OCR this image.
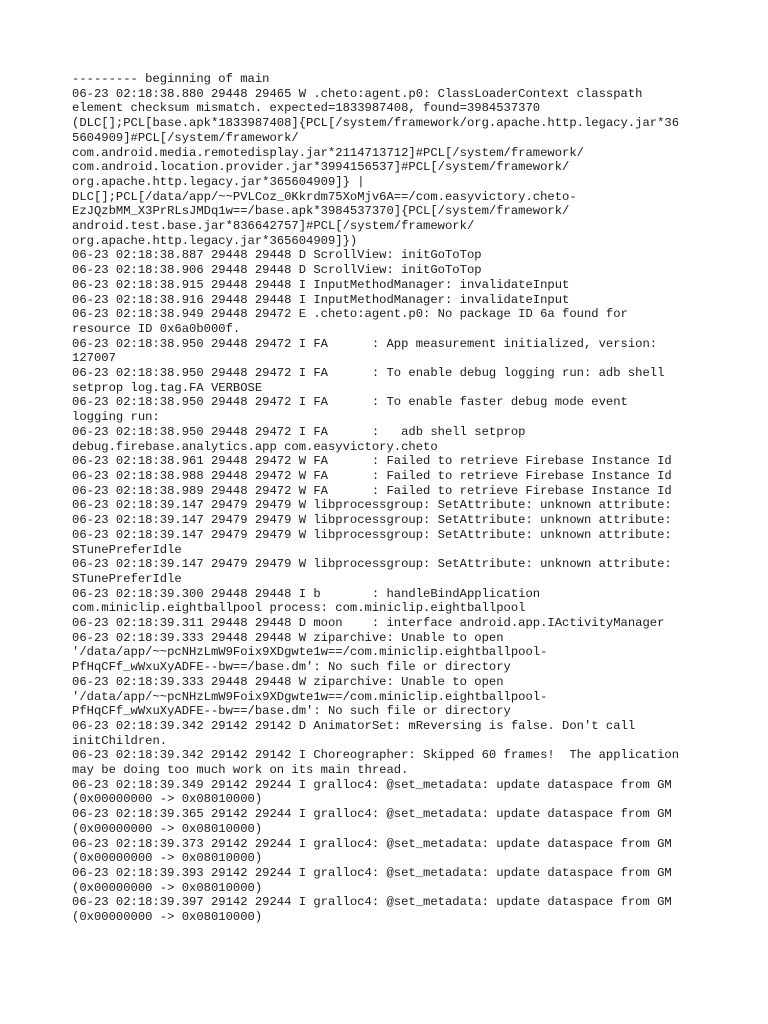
--------- beginning of main
06-23 02:18:38.880 29448 29465 W .cheto:agent.p0: ClassLoaderContext classpath
element checksum mismatch. expected=1833987408, found=3984537370
(DLC[];PCL[base.apk*1833987408]{PCL[/system/framework/org.apache.http.legacy.jar*36
5604909]#PCL[/system/framework/
com.android.media.remotedisplay.jar*2114713712]#PCL[/system/framework/
com.android.location.provider.jar*3994156537]#PCL[/system/framework/
org.apache.http.legacy.jar*365604909]} |
DLC[];PCL[/data/app/~~PVLCoz_0Kkrdm75XoMjv6A==/com.easyvictory.cheto-
EzJQzbMM_X3PrRLsJMDq1w==/base.apk*3984537370]{PCL[/system/framework/
android.test.base.jar*836642757]#PCL[/system/framework/
org.apache.http.legacy.jar*365604909]})
06-23 02:18:38.887 29448 29448 D ScrollView: initGoToTop
06-23 02:18:38.906 29448 29448 D ScrollView: initGoToTop
06-23 02:18:38.915 29448 29448 I InputMethodManager: invalidateInput
06-23 02:18:38.916 29448 29448 I InputMethodManager: invalidateInput
06-23 02:18:38.949 29448 29472 E .cheto:agent.p0: No package ID 6a found for
resource ID 0x6a0b000f.
06-23 02:18:38.950 29448 29472 I FA      : App measurement initialized, version:
127007
06-23 02:18:38.950 29448 29472 I FA      : To enable debug logging run: adb shell
setprop log.tag.FA VERBOSE
06-23 02:18:38.950 29448 29472 I FA      : To enable faster debug mode event
logging run:
06-23 02:18:38.950 29448 29472 I FA      :   adb shell setprop
debug.firebase.analytics.app com.easyvictory.cheto
06-23 02:18:38.961 29448 29472 W FA      : Failed to retrieve Firebase Instance Id
06-23 02:18:38.988 29448 29472 W FA      : Failed to retrieve Firebase Instance Id
06-23 02:18:38.989 29448 29472 W FA      : Failed to retrieve Firebase Instance Id
06-23 02:18:39.147 29479 29479 W libprocessgroup: SetAttribute: unknown attribute:
06-23 02:18:39.147 29479 29479 W libprocessgroup: SetAttribute: unknown attribute:
06-23 02:18:39.147 29479 29479 W libprocessgroup: SetAttribute: unknown attribute:
STunePreferIdle
06-23 02:18:39.147 29479 29479 W libprocessgroup: SetAttribute: unknown attribute:
STunePreferIdle
06-23 02:18:39.300 29448 29448 I b       : handleBindApplication
com.miniclip.eightballpool process: com.miniclip.eightballpool
06-23 02:18:39.311 29448 29448 D moon    : interface android.app.IActivityManager
06-23 02:18:39.333 29448 29448 W ziparchive: Unable to open
'/data/app/~~pcNHzLmW9Foix9XDgwte1w==/com.miniclip.eightballpool-
PfHqCFf_wWxuXyADFE--bw==/base.dm': No such file or directory
06-23 02:18:39.333 29448 29448 W ziparchive: Unable to open
'/data/app/~~pcNHzLmW9Foix9XDgwte1w==/com.miniclip.eightballpool-
PfHqCFf_wWxuXyADFE--bw==/base.dm': No such file or directory
06-23 02:18:39.342 29142 29142 D AnimatorSet: mReversing is false. Don't call
initChildren.
06-23 02:18:39.342 29142 29142 I Choreographer: Skipped 60 frames!  The application
may be doing too much work on its main thread.
06-23 02:18:39.349 29142 29244 I gralloc4: @set_metadata: update dataspace from GM
(0x00000000 -> 0x08010000)
06-23 02:18:39.365 29142 29244 I gralloc4: @set_metadata: update dataspace from GM
(0x00000000 -> 0x08010000)
06-23 02:18:39.373 29142 29244 I gralloc4: @set_metadata: update dataspace from GM
(0x00000000 -> 0x08010000)
06-23 02:18:39.393 29142 29244 I gralloc4: @set_metadata: update dataspace from GM
(0x00000000 -> 0x08010000)
06-23 02:18:39.397 29142 29244 I gralloc4: @set_metadata: update dataspace from GM
(0x00000000 -> 0x08010000)
